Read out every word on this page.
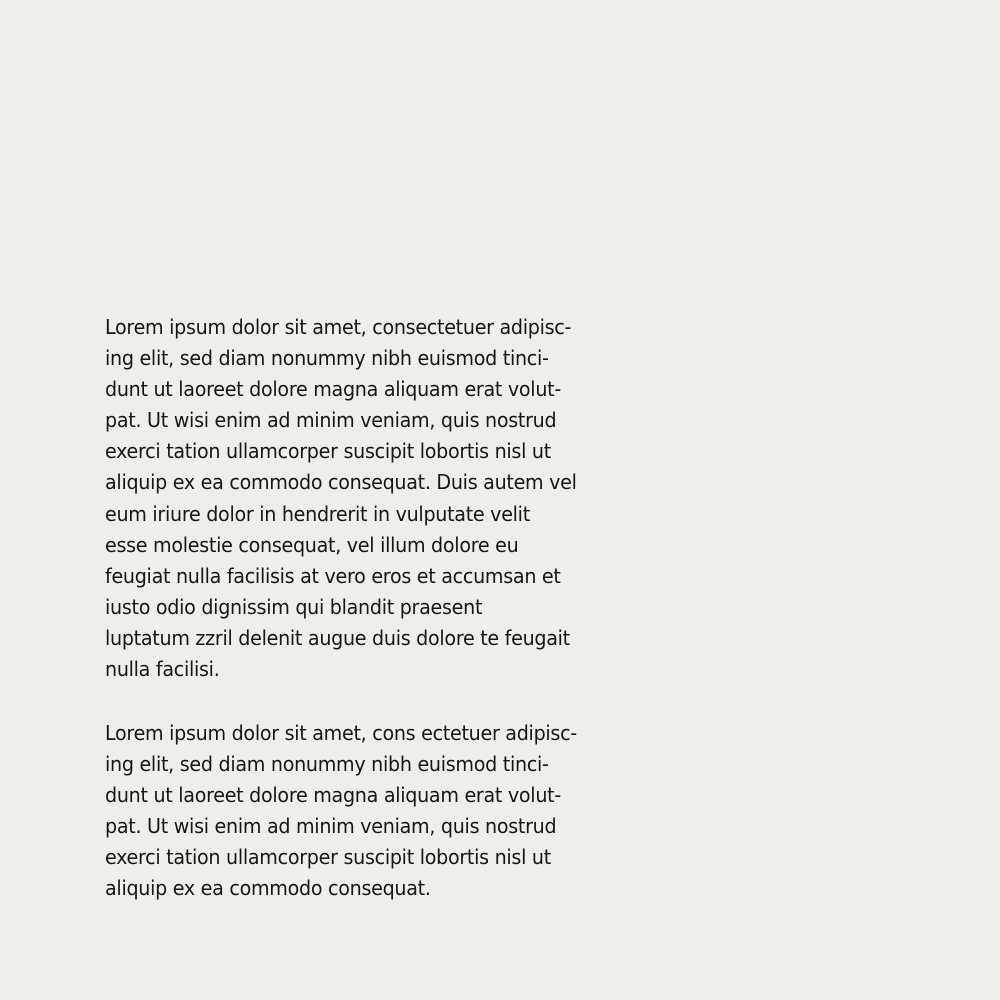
Lorem ipsum dolor sit amet, consectetuer adipisc-
ing elit, sed diam nonummy nibh euismod tinci-
dunt ut laoreet dolore magna aliquam erat volut-
pat. Ut wisi enim ad minim veniam, quis nostrud
exerci tation ullamcorper suscipit lobortis nisl ut
aliquip ex ea commodo consequat. Duis autem vel
eum iriure dolor in hendrerit in vulputate velit
esse molestie consequat, vel illum dolore eu
feugiat nulla facilisis at vero eros et accumsan et
iusto odio dignissim qui blandit praesent
luptatum zzril delenit augue duis dolore te feugait
nulla facilisi.
Lorem ipsum dolor sit amet, cons ectetuer adipisc-
ing elit, sed diam nonummy nibh euismod tinci-
dunt ut laoreet dolore magna aliquam erat volut-
pat. Ut wisi enim ad minim veniam, quis nostrud
exerci tation ullamcorper suscipit lobortis nisl ut
aliquip ex ea commodo consequat.
